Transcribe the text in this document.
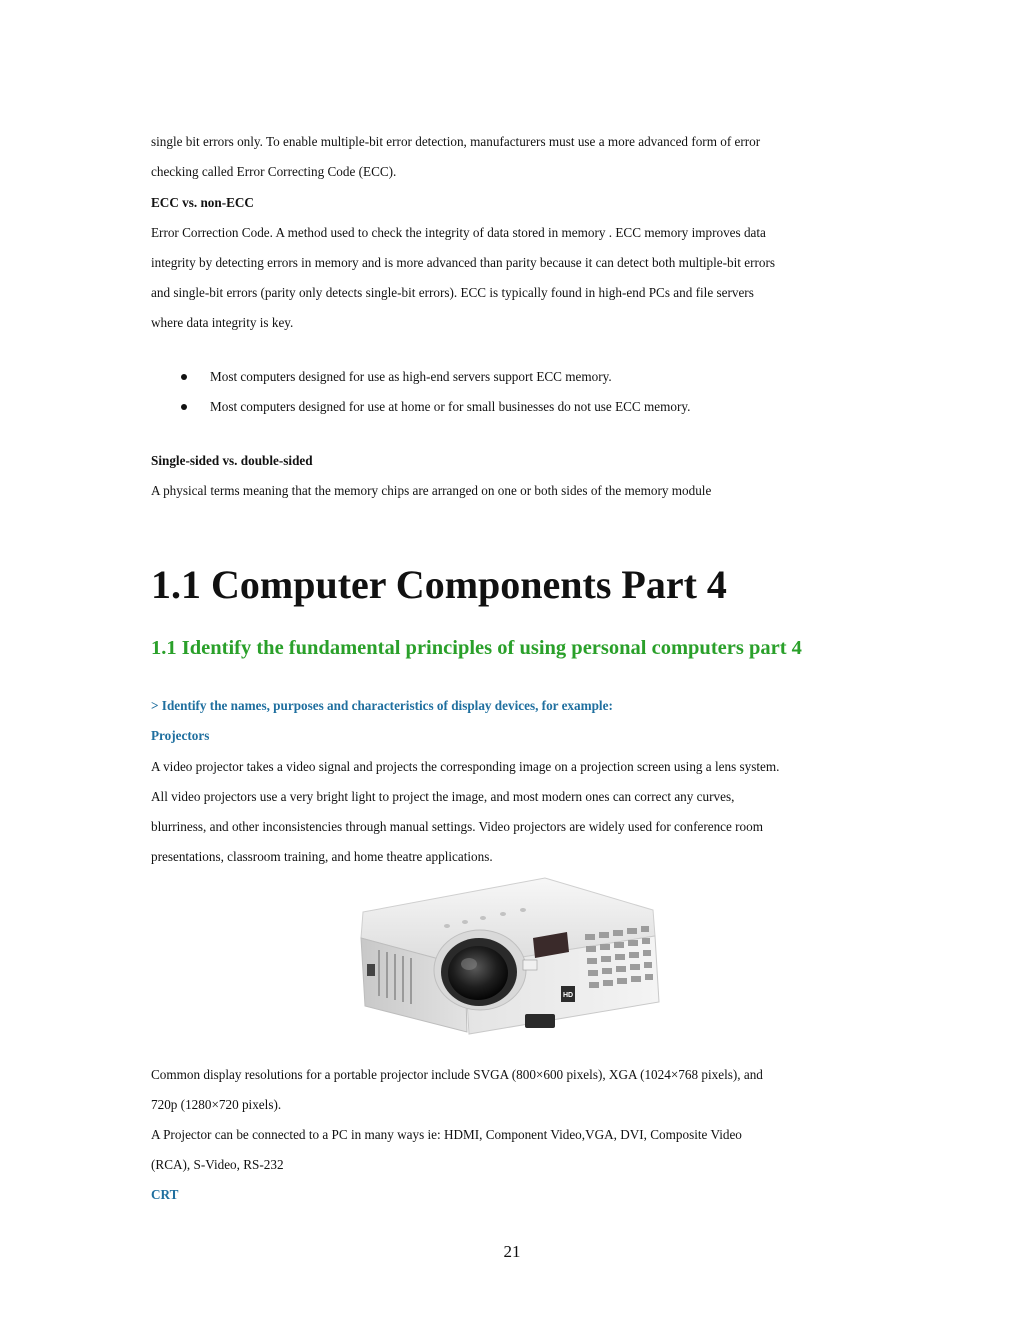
single bit errors only. To enable multiple-bit error detection, manufacturers must use a more advanced form of error

checking called Error Correcting Code (ECC).

ECC vs. non-ECC

Error Correction Code. A method used to check the integrity of data stored in memory . ECC memory improves data

integrity by detecting errors in memory and is more advanced than parity because it can detect both multiple-bit errors

and single-bit errors (parity only detects single-bit errors). ECC is typically found in high-end PCs and file servers

where data integrity is key.

Most computers designed for use as high-end servers support ECC memory.
Most computers designed for use at home or for small businesses do not use ECC memory.

Single-sided vs. double-sided

A physical terms meaning that the memory chips are arranged on one or both sides of the memory module

1.1 Computer Components Part 4
1.1 Identify the fundamental principles of using personal computers part 4

> Identify the names, purposes and characteristics of display devices, for example:

Projectors

A video projector takes a video signal and projects the corresponding image on a projection screen using a lens system.

All video projectors use a very bright light to project the image, and most modern ones can correct any curves,

blurriness, and other inconsistencies through manual settings. Video projectors are widely used for conference room

presentations, classroom training, and home theatre applications.

HD

Common display resolutions for a portable projector include SVGA (800×600 pixels), XGA (1024×768 pixels), and

720p (1280×720 pixels).

A Projector can be connected to a PC in many ways ie: HDMI, Component Video,VGA, DVI, Composite Video

(RCA), S-Video, RS-232

CRT

21
